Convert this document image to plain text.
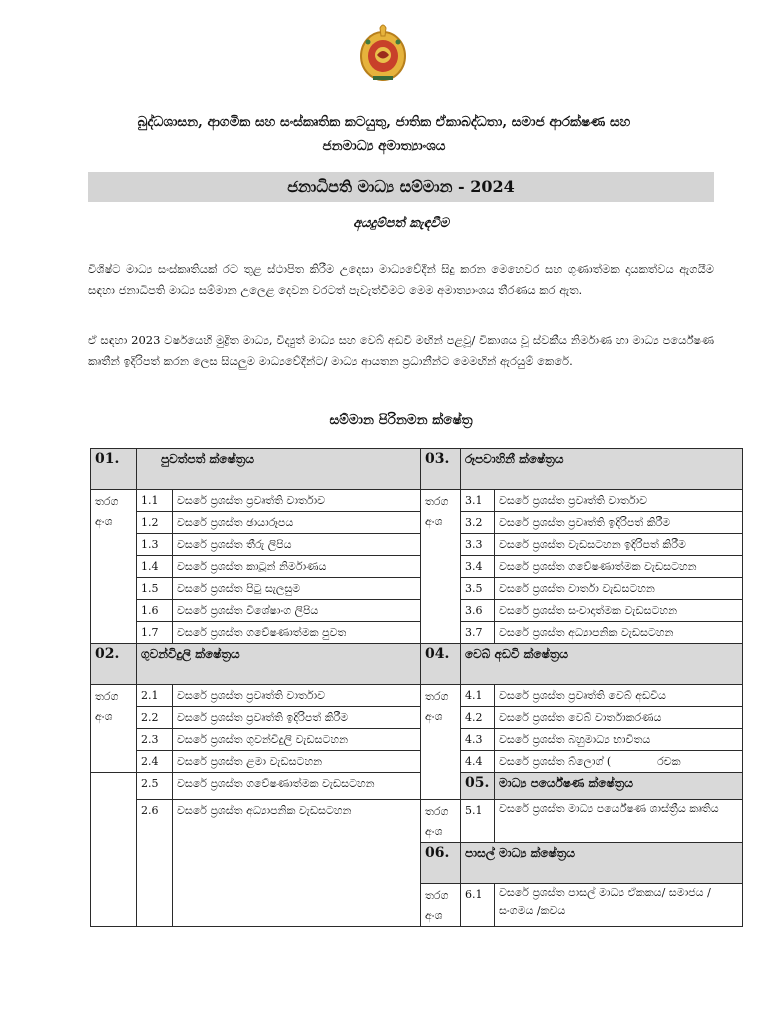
බුද්ධශාසන, ආගමික සහ සංස්කෘතික කටයුතු, ජාතික ඒකාබද්ධතා, සමාජ ආරක්ෂණ සහ
ජනමාධ්‍ය අමාත්‍යාංශය
ජනාධිපති මාධ්‍ය සම්මාන - 2024
අයදුම්පත් කැඳවීම
විශිෂ්ට මාධ්‍ය සංස්කෘතියක් රට තුළ ස්ථාපිත කිරීම උදෙසා මාධ්‍යවේදීන් සිදු කරන මෙහෙවර සහ ගුණාත්මක දායකත්වය ඇගයීම සඳහා ජනාධිපති මාධ්‍ය සම්මාන උලෙළ දෙවන වරටත් පැවැත්වීමට මෙම අමාත්‍යාංශය තීරණය කර ඇත.
ඒ සඳහා 2023 වර්ෂයෙහි මුද්‍රිත මාධ්‍ය, විද්‍යුත් මාධ්‍ය සහ වෙබ් අඩවි මඟින් පළවූ/ විකාශය වූ ස්වකීය නිර්මාණ හා මාධ්‍ය පර්යේෂණ කෘතීන් ඉදිරිපත් කරන ලෙස සියලුම මාධ්‍යවේදීන්ට/ මාධ්‍ය ආයතන ප්‍රධානීන්ට මෙමඟින් ඇරයුම් කෙරේ.
සම්මාන පිරිනමන ක්ෂේත්‍ර
01.	පුවත්පත් ක්ෂේත්‍රය		03.	රූපවාහිනී ක්ෂේත්‍රය	
තරග අංශ	1.1	වසරේ ප්‍රශස්ත ප්‍රවෘත්ති වාර්තාව	තරග අංශ	3.1	වසරේ ප්‍රශස්ත ප්‍රවෘත්ති වාර්තාව
	1.2	වසරේ ප්‍රශස්ත ඡායාරූපය		3.2	වසරේ ප්‍රශස්ත ප්‍රවෘත්ති ඉදිරිපත් කිරීම
	1.3	වසරේ ප්‍රශස්ත තීරු ලිපිය		3.3	වසරේ ප්‍රශස්ත වැඩසටහන ඉදිරිපත් කිරීම
	1.4	වසරේ ප්‍රශස්ත කාටූන් නිර්මාණය		3.4	වසරේ ප්‍රශස්ත ගවේෂණාත්මක වැඩසටහන
	1.5	වසරේ ප්‍රශස්ත පිටු සැලසුම		3.5	වසරේ ප්‍රශස්ත වාර්තා වැඩසටහන
	1.6	වසරේ ප්‍රශස්ත විශේෂාංග ලිපිය		3.6	වසරේ ප්‍රශස්ත සංවාදාත්මක වැඩසටහන
	1.7	වසරේ ප්‍රශස්ත ගවේෂණාත්මක පුවත		3.7	වසරේ ප්‍රශස්ත අධ්‍යාපනික වැඩසටහන
02.	ගුවන්විදුලි ක්ෂේත්‍රය		04.	වෙබ් අඩවි ක්ෂේත්‍රය	
තරග අංශ	2.1	වසරේ ප්‍රශස්ත ප්‍රවෘත්ති වාර්තාව	තරග අංශ	4.1	වසරේ ප්‍රශස්ත ප්‍රවෘත්ති වෙබ් අඩවිය
	2.2	වසරේ ප්‍රශස්ත ප්‍රවෘත්ති ඉදිරිපත් කිරීම		4.2	වසරේ ප්‍රශස්ත වෙබ් වාර්තාකරණය
	2.3	වසරේ ප්‍රශස්ත ගුවන්විදුලි වැඩසටහන		4.3	වසරේ ප්‍රශස්ත බහුමාධ්‍ය භාවිතය
	2.4	වසරේ ප්‍රශස්ත ළමා වැඩසටහන		4.4	වසරේ ප්‍රශස්ත බ්ලොග් ( රචක
	2.5	වසරේ ප්‍රශස්ත ගවේෂණාත්මක වැඩසටහන		05.	මාධ්‍ය පර්යේෂණ ක්ෂේත්‍රය
	2.6	වසරේ ප්‍රශස්ත අධ්‍යාපනික වැඩසටහන	තරග අංශ	5.1	වසරේ ප්‍රශස්ත මාධ්‍ය පර්යේෂණ ශාස්ත්‍රීය කෘතිය
			06.	පාසල් මාධ්‍ය ක්ෂේත්‍රය	
			තරග අංශ	6.1	වසරේ ප්‍රශස්ත පාසල් මාධ්‍ය ඒකකය/ සමාජය /සංගමය /කවය
